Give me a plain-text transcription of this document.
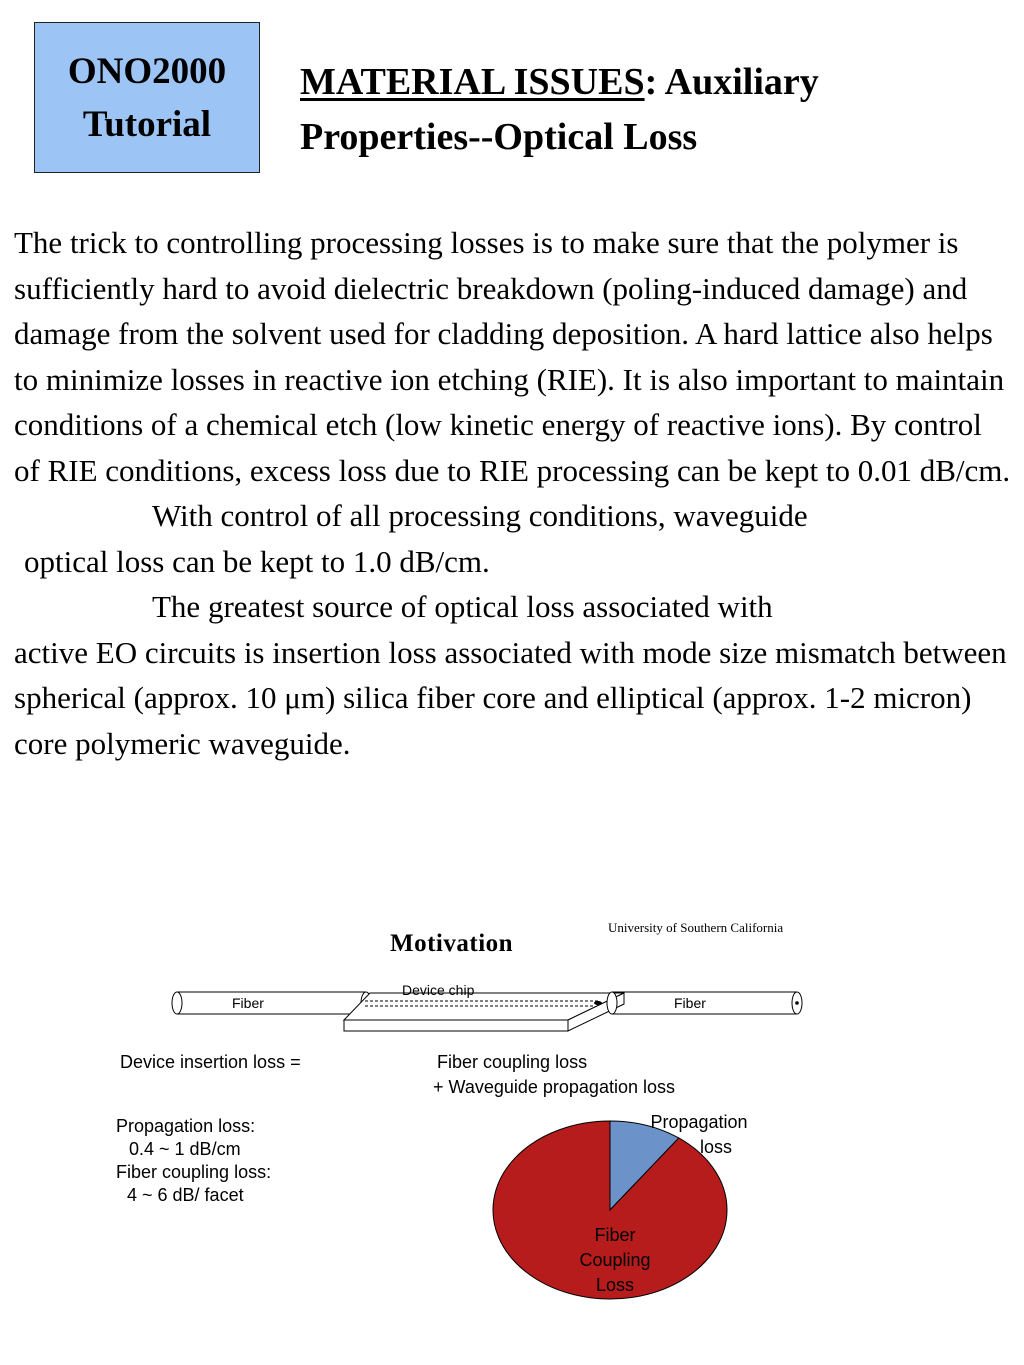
ONO2000
Tutorial
MATERIAL ISSUES: Auxiliary
Properties--Optical Loss

The trick to controlling processing losses is to make sure that the polymer is sufficiently hard to avoid dielectric breakdown (poling-induced damage) and damage from the solvent used for cladding deposition. A hard lattice also helps to minimize losses in reactive ion etching (RIE). It is also important to maintain conditions of a chemical etch (low kinetic energy of reactive ions). By control of RIE conditions, excess loss due to RIE processing can be kept to 0.01 dB/cm.

With control of all processing conditions, waveguide

optical loss can be kept to 1.0 dB/cm.

The greatest source of optical loss associated with

active EO circuits is insertion loss associated with mode size mismatch between spherical (approx. 10 μm) silica fiber core and elliptical (approx. 1-2 micron) core polymeric waveguide.

University of Southern California
Motivation
Fiber
Device chip
Fiber
Device insertion loss =	Fiber coupling loss
+ Waveguide propagation loss
Propagation loss:
0.4 ~ 1 dB/cm
Fiber coupling loss:
4 ~ 6 dB/ facet
Propagation
loss
Fiber
Coupling
Loss
